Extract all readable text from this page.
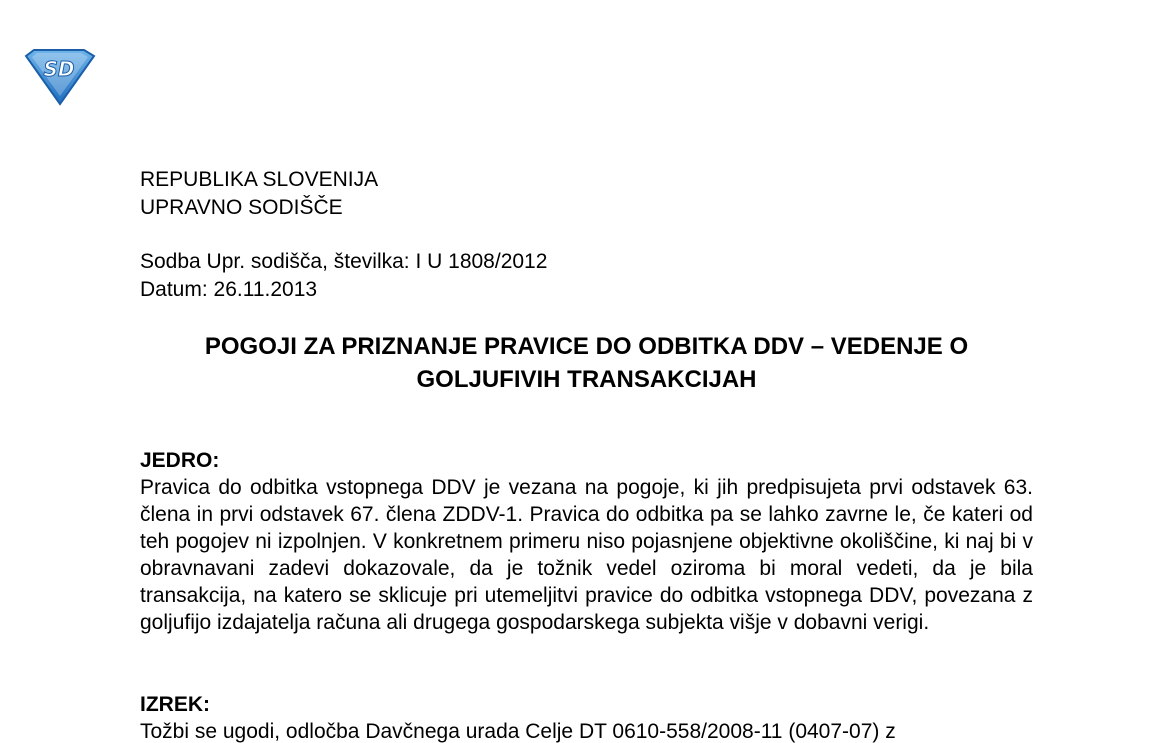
SD
REPUBLIKA SLOVENIJA
UPRAVNO SODIŠČE
Sodba Upr. sodišča, številka: I U 1808/2012
Datum: 26.11.2013
POGOJI ZA PRIZNANJE PRAVICE DO ODBITKA DDV – VEDENJE O
GOLJUFIVIH TRANSAKCIJAH
JEDRO:
Pravica do odbitka vstopnega DDV je vezana na pogoje, ki jih predpisujeta prvi odstavek 63. člena in prvi odstavek 67. člena ZDDV-1. Pravica do odbitka pa se lahko zavrne le, če kateri od teh pogojev ni izpolnjen. V konkretnem primeru niso pojasnjene objektivne okoliščine, ki naj bi v obravnavani zadevi dokazovale, da je tožnik vedel oziroma bi moral vedeti, da je bila transakcija, na katero se sklicuje pri utemeljitvi pravice do odbitka vstopnega DDV, povezana z goljufijo izdajatelja računa ali drugega gospodarskega subjekta višje v dobavni verigi.
IZREK:
Tožbi se ugodi, odločba Davčnega urada Celje DT 0610-558/2008-11 (0407-07) z
